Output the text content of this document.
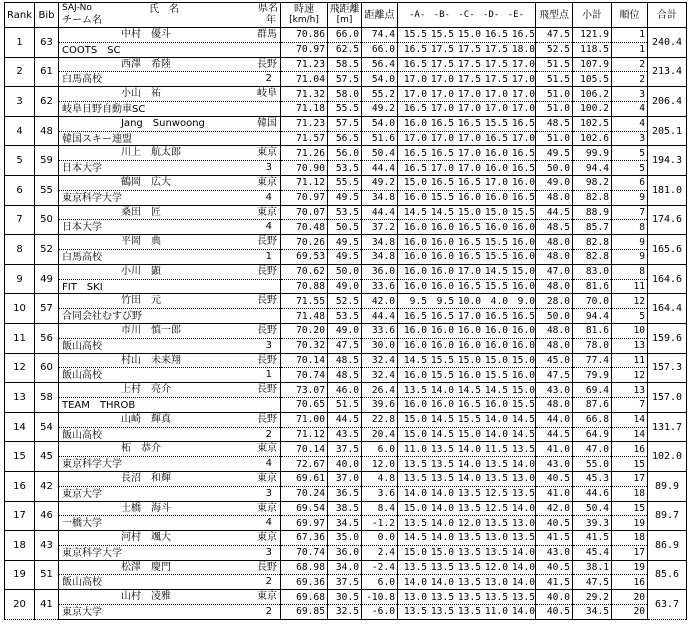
Rank	Bib	SAJ-No 氏　名 県名
チーム名 年	時速
[km/h]	飛距離
[m]	距離点	-A- -B- -C- -D- -E-	飛型点	小計	順位	合計
1	63	中村　優斗 群馬	70.86	66.0	74.4	15.5 15.5 15.0 16.5 16.5	47.5	121.9	1	240.4

		COOTS　SC	70.97	62.5	66.0	16.5 17.5 17.5 17.5 18.0	52.5	118.5	1	
2	61	西澤　希陸 長野	71.23	58.5	56.4	16.5 17.5 17.5 17.5 17.0	51.5	107.9	2	213.4

		白馬高校 2	71.04	57.5	54.0	17.0 17.0 17.5 17.5 17.0	51.5	105.5	2	
3	62	小山　祐 岐阜	71.32	58.0	55.2	17.0 17.0 17.0 17.0 17.0	51.0	106.2	3	206.4

		岐阜日野自動車SC	71.18	55.5	49.2	16.5 17.0 17.0 17.0 17.0	51.0	100.2	4	
4	48	Jang　Sunwoong 韓国	71.23	57.5	54.0	16.0 16.5 16.5 15.5 16.5	48.5	102.5	4	205.1

		韓国スキー連盟	71.57	56.5	51.6	17.0 17.0 17.0 16.5 17.0	51.0	102.6	3	
5	59	川上　航太郎 東京	71.26	56.0	50.4	16.5 16.5 17.0 16.0 16.5	49.5	99.9	5	194.3

		日本大学 3	70.90	53.5	44.4	16.5 17.0 17.0 16.0 16.5	50.0	94.4	5	
6	55	鶴岡　広大 東京	71.12	55.5	49.2	15.0 16.5 16.5 17.0 16.0	49.0	98.2	6	181.0

		東京科学大学 4	70.97	49.5	34.8	16.0 15.5 16.0 16.0 16.5	48.0	82.8	9	
7	50	桑田　匠 東京	70.07	53.5	44.4	14.5 14.5 15.0 15.0 15.5	44.5	88.9	7	174.6

		日本大学 4	70.48	50.5	37.2	16.0 16.0 16.5 16.0 16.0	48.5	85.7	8	
8	52	平岡　典 長野	70.26	49.5	34.8	16.0 16.0 16.5 15.5 16.0	48.0	82.8	9	165.6

		白馬高校 1	69.53	49.5	34.8	16.0 16.0 16.5 15.5 16.0	48.0	82.8	9	
9	49	小川　顕 長野	70.62	50.0	36.0	16.0 16.0 17.0 14.5 15.0	47.0	83.0	8	164.6

		FIT　SKI	70.88	49.0	33.6	16.0 16.0 16.5 15.5 16.0	48.0	81.6	11	
10	57	竹田　元 長野	71.55	52.5	42.0	9.5 9.5 10.0 4.0 9.0	28.0	70.0	12	164.4

		合同会社むすび野	71.48	53.5	44.4	16.5 16.5 17.0 16.5 16.5	50.0	94.4	5	
11	56	市川　慎一郎 長野	70.20	49.0	33.6	16.0 16.0 16.0 16.0 16.0	48.0	81.6	10	159.6

		飯山高校 3	70.32	47.5	30.0	16.0 16.0 16.0 16.0 16.0	48.0	78.0	13	
12	60	村山　未来翔 長野	70.14	48.5	32.4	14.5 15.5 15.0 15.0 15.0	45.0	77.4	11	157.3

		飯山高校 1	70.74	48.5	32.4	16.0 15.5 16.0 15.5 16.0	47.5	79.9	12	
13	58	上村　亮介 長野	73.07	46.0	26.4	13.5 14.0 14.5 14.5 15.0	43.0	69.4	13	157.0

		TEAM　THROB	70.65	51.5	39.6	16.0 16.0 16.5 16.0 15.5	48.0	87.6	7	
14	54	山崎　輝真 長野	71.00	44.5	22.8	15.0 14.5 15.5 14.0 14.5	44.0	66.8	14	131.7

		飯山高校 2	71.12	43.5	20.4	15.0 14.5 15.0 14.0 14.5	44.5	64.9	14	
15	45	柘　恭介 東京	70.14	37.5	6.0	11.0 13.5 14.0 11.5 13.5	41.0	47.0	16	102.0

		東京科学大学 4	72.67	40.0	12.0	13.5 13.5 14.0 13.5 14.0	43.0	55.0	15	
16	42	長沼　和輝 東京	69.61	37.0	4.8	13.5 13.5 14.0 13.5 13.0	40.5	45.3	17	89.9

		東京大学 3	70.24	36.5	3.6	14.0 14.0 13.5 12.5 13.5	41.0	44.6	18	
17	46	土橋　海斗 東京	69.54	38.5	8.4	15.0 14.0 13.5 12.5 14.0	42.0	50.4	15	89.7

		一橋大学 4	69.97	34.5	-1.2	13.5 14.0 12.0 13.5 13.0	40.5	39.3	19	
18	43	河村　颯大 東京	67.36	35.0	0.0	14.5 14.0 13.5 13.0 13.5	41.5	41.5	18	86.9

		東京科学大学 3	70.74	36.0	2.4	15.0 15.0 13.5 13.5 14.0	43.0	45.4	17	
19	51	松澤　慶門 長野	68.98	34.0	-2.4	13.5 13.5 13.5 12.0 14.0	40.5	38.1	19	85.6

		飯山高校 2	69.36	37.5	6.0	14.0 14.0 13.5 13.0 14.0	41.5	47.5	16	
20	41	山村　凌雅 東京	69.68	30.5	-10.8	13.0 13.5 13.5 13.5 13.5	40.0	29.2	20	63.7

		東京大学 2	69.85	32.5	-6.0	13.5 13.5 13.5 11.0 14.0	40.5	34.5	20	
